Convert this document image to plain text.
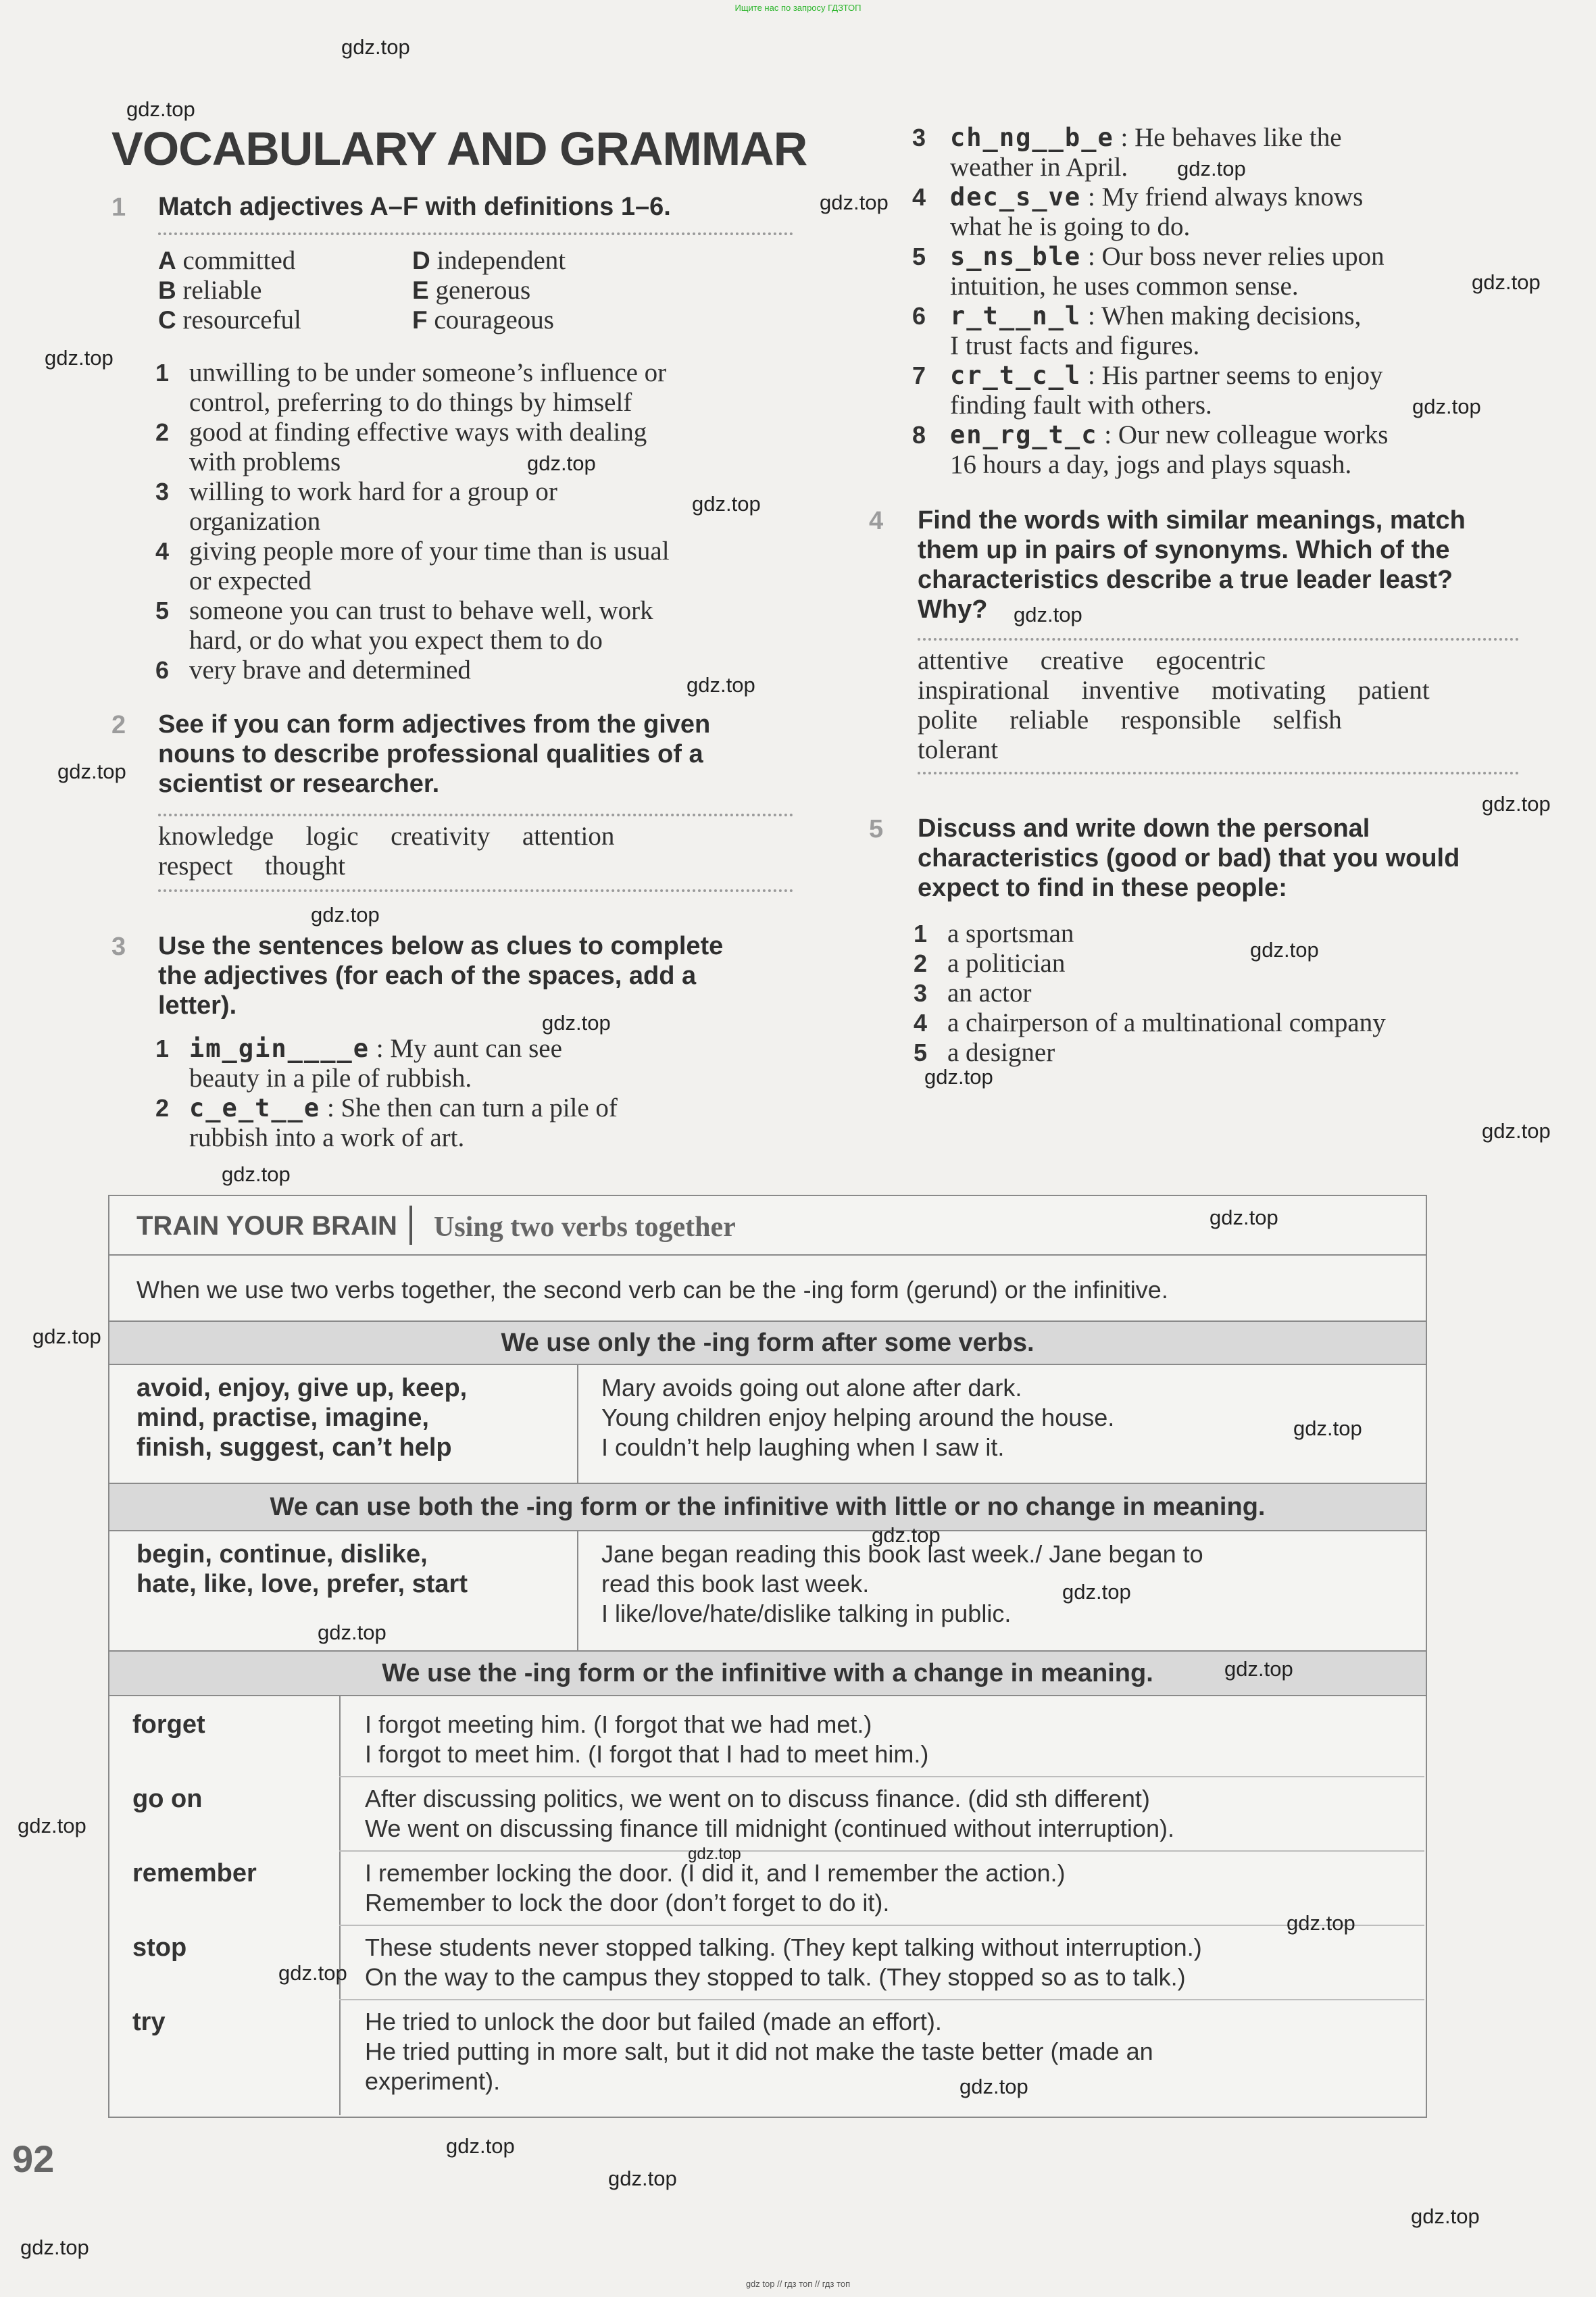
Ищите нас по запросу ГДЗТОП
gdz top // гдз топ // гдз топ
VOCABULARY AND GRAMMAR
1 Match adjectives A–F with definitions 1–6.
A committed
B reliable
C resourceful
D independent
E generous
F courageous
1 unwilling to be under someone’s influence or
control, preferring to do things by himself
2 good at finding effective ways with dealing
with problems
3 willing to work hard for a group or
organization
4 giving people more of your time than is usual
or expected
5 someone you can trust to behave well, work
hard, or do what you expect them to do
6 very brave and determined
2 See if you can form adjectives from the given
nouns to describe professional qualities of a
scientist or researcher.
knowledge  logic  creativity  attention
respect  thought
3 Use the sentences below as clues to complete
the adjectives (for each of the spaces, add a
letter).
1 im_gin____e : My aunt can see
beauty in a pile of rubbish.
2 c_e_t__e : She then can turn a pile of
rubbish into a work of art.
3 ch_ng__b_e : He behaves like the
weather in April.
4 dec_s_ve : My friend always knows
what he is going to do.
5 s_ns_ble : Our boss never relies upon
intuition, he uses common sense.
6 r_t__n_l : When making decisions,
I trust facts and figures.
7 cr_t_c_l : His partner seems to enjoy
finding fault with others.
8 en_rg_t_c : Our new colleague works
16 hours a day, jogs and plays squash.
4 Find the words with similar meanings, match
them up in pairs of synonyms. Which of the
characteristics describe a true leader least?
Why?
attentive  creative  egocentric
inspirational  inventive  motivating  patient
polite  reliable  responsible  selfish
tolerant
5 Discuss and write down the personal
characteristics (good or bad) that you would
expect to find in these people:
1 a sportsman
2 a politician
3 an actor
4 a chairperson of a multinational company
5 a designer
TRAIN YOUR BRAIN Using two verbs together
When we use two verbs together, the second verb can be the -ing form (gerund) or the infinitive.
We use only the -ing form after some verbs.
avoid, enjoy, give up, keep,
mind, practise, imagine,
finish, suggest, can’t help
Mary avoids going out alone after dark.
Young children enjoy helping around the house.
I couldn’t help laughing when I saw it.
We can use both the -ing form or the infinitive with little or no change in meaning.
begin, continue, dislike,
hate, like, love, prefer, start
Jane began reading this book last week./ Jane began to
read this book last week.
I like/love/hate/dislike talking in public.
We use the -ing form or the infinitive with a change in meaning.
forget	I forgot meeting him. (I forgot that we had met.)
I forgot to meet him. (I forgot that I had to meet him.)
go on	After discussing politics, we went on to discuss finance. (did sth different)
We went on discussing finance till midnight (continued without interruption).
remember	I remember locking the door. (I did it, and I remember the action.)
Remember to lock the door (don’t forget to do it).
stop	These students never stopped talking. (They kept talking without interruption.)
On the way to the campus they stopped to talk. (They stopped so as to talk.)
try	He tried to unlock the door but failed (made an effort).
He tried putting in more salt, but it did not make the taste better (made an
experiment).
92
gdz.top
gdz.top
gdz.top
gdz.top
gdz.top
gdz.top
gdz.top
gdz.top
gdz.top
gdz.top
gdz.top
gdz.top
gdz.top
gdz.top
gdz.top
gdz.top
gdz.top
gdz.top
gdz.top
gdz.top
gdz.top
gdz.top
gdz.top
gdz.top
gdz.top
gdz.top
gdz.top
gdz.top
gdz.top
gdz.top
gdz.top
gdz.top
gdz.top
gdz.top
gdz.top
